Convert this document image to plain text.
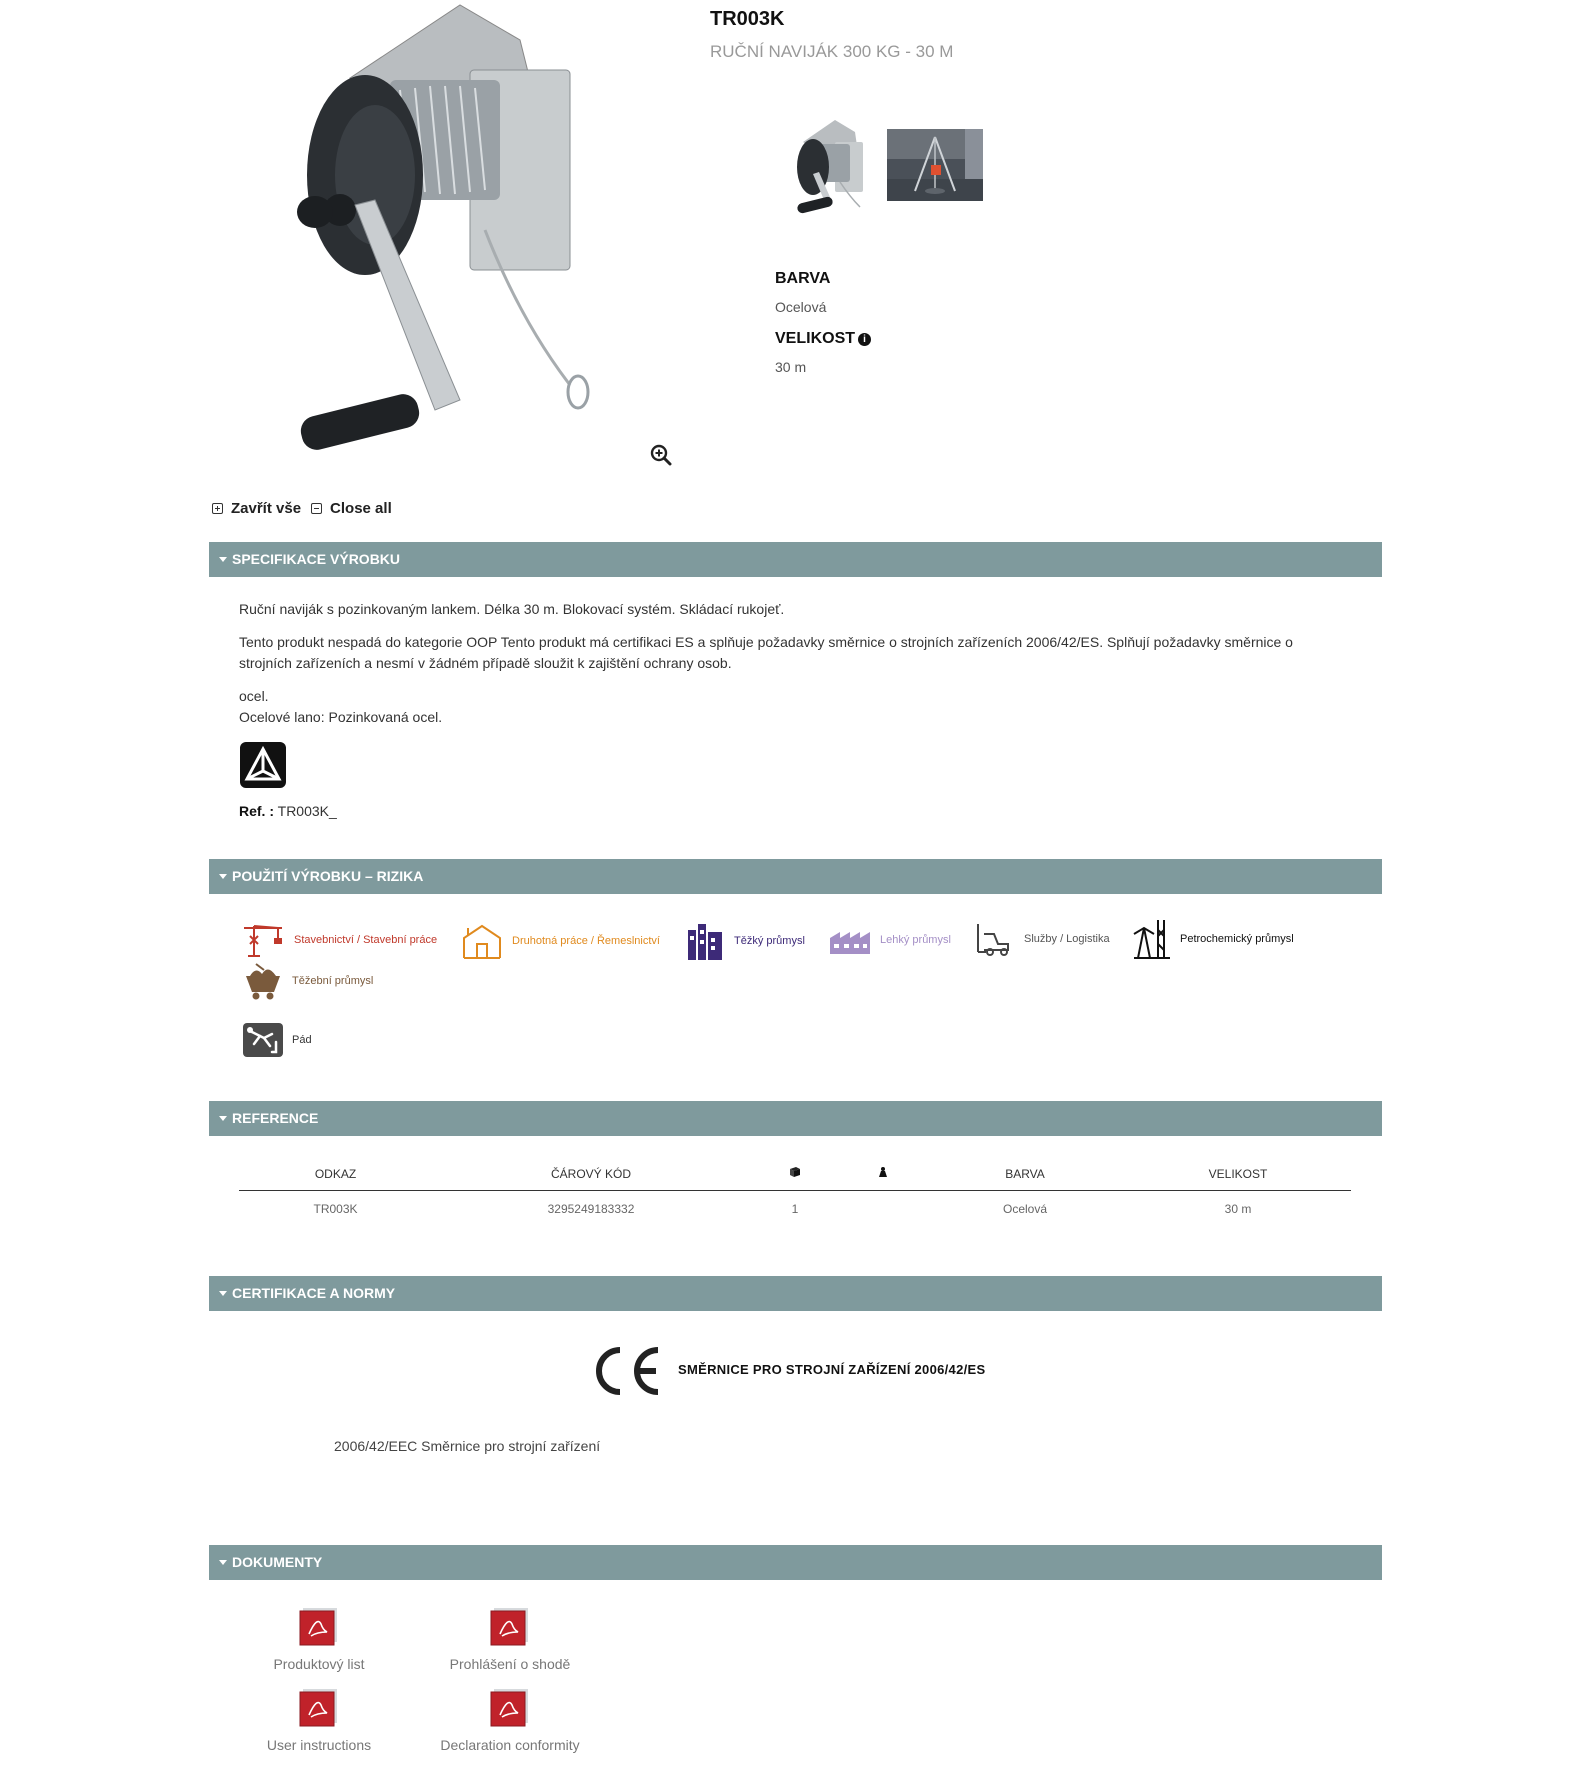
TR003K
RUČNÍ NAVIJÁK 300 KG - 30 M
BARVA
Ocelová
VELIKOST i
30 m
Zavřít vše Close all
SPECIFIKACE VÝROBKU
Ruční naviják s pozinkovaným lankem. Délka 30 m. Blokovací systém. Skládací rukojeť.
Tento produkt nespadá do kategorie OOP Tento produkt má certifikaci ES a splňuje požadavky směrnice o strojních zařízeních 2006/42/ES. Splňují požadavky směrnice o strojních zařízeních a nesmí v žádném případě sloužit k zajištění ochrany osob.
ocel.
Ocelové lano: Pozinkovaná ocel.
Ref. : TR003K_
POUŽITÍ VÝROBKU – RIZIKA
Stavebnictví / Stavební práce	Druhotná práce / Řemeslnictví	Těžký průmysl	Lehký průmysl	Služby / Logistika	Petrochemický průmysl
Těžební průmysl
Pád
REFERENCE
ODKAZ	ČÁROVÝ KÓD			BARVA	VELIKOST
TR003K	3295249183332	1		Ocelová	30 m
CERTIFIKACE A NORMY
SMĚRNICE PRO STROJNÍ ZAŘÍZENÍ 2006/42/ES
2006/42/EEC Směrnice pro strojní zařízení
DOKUMENTY
Produktový list	Prohlášení o shodě
User instructions	Declaration conformity
